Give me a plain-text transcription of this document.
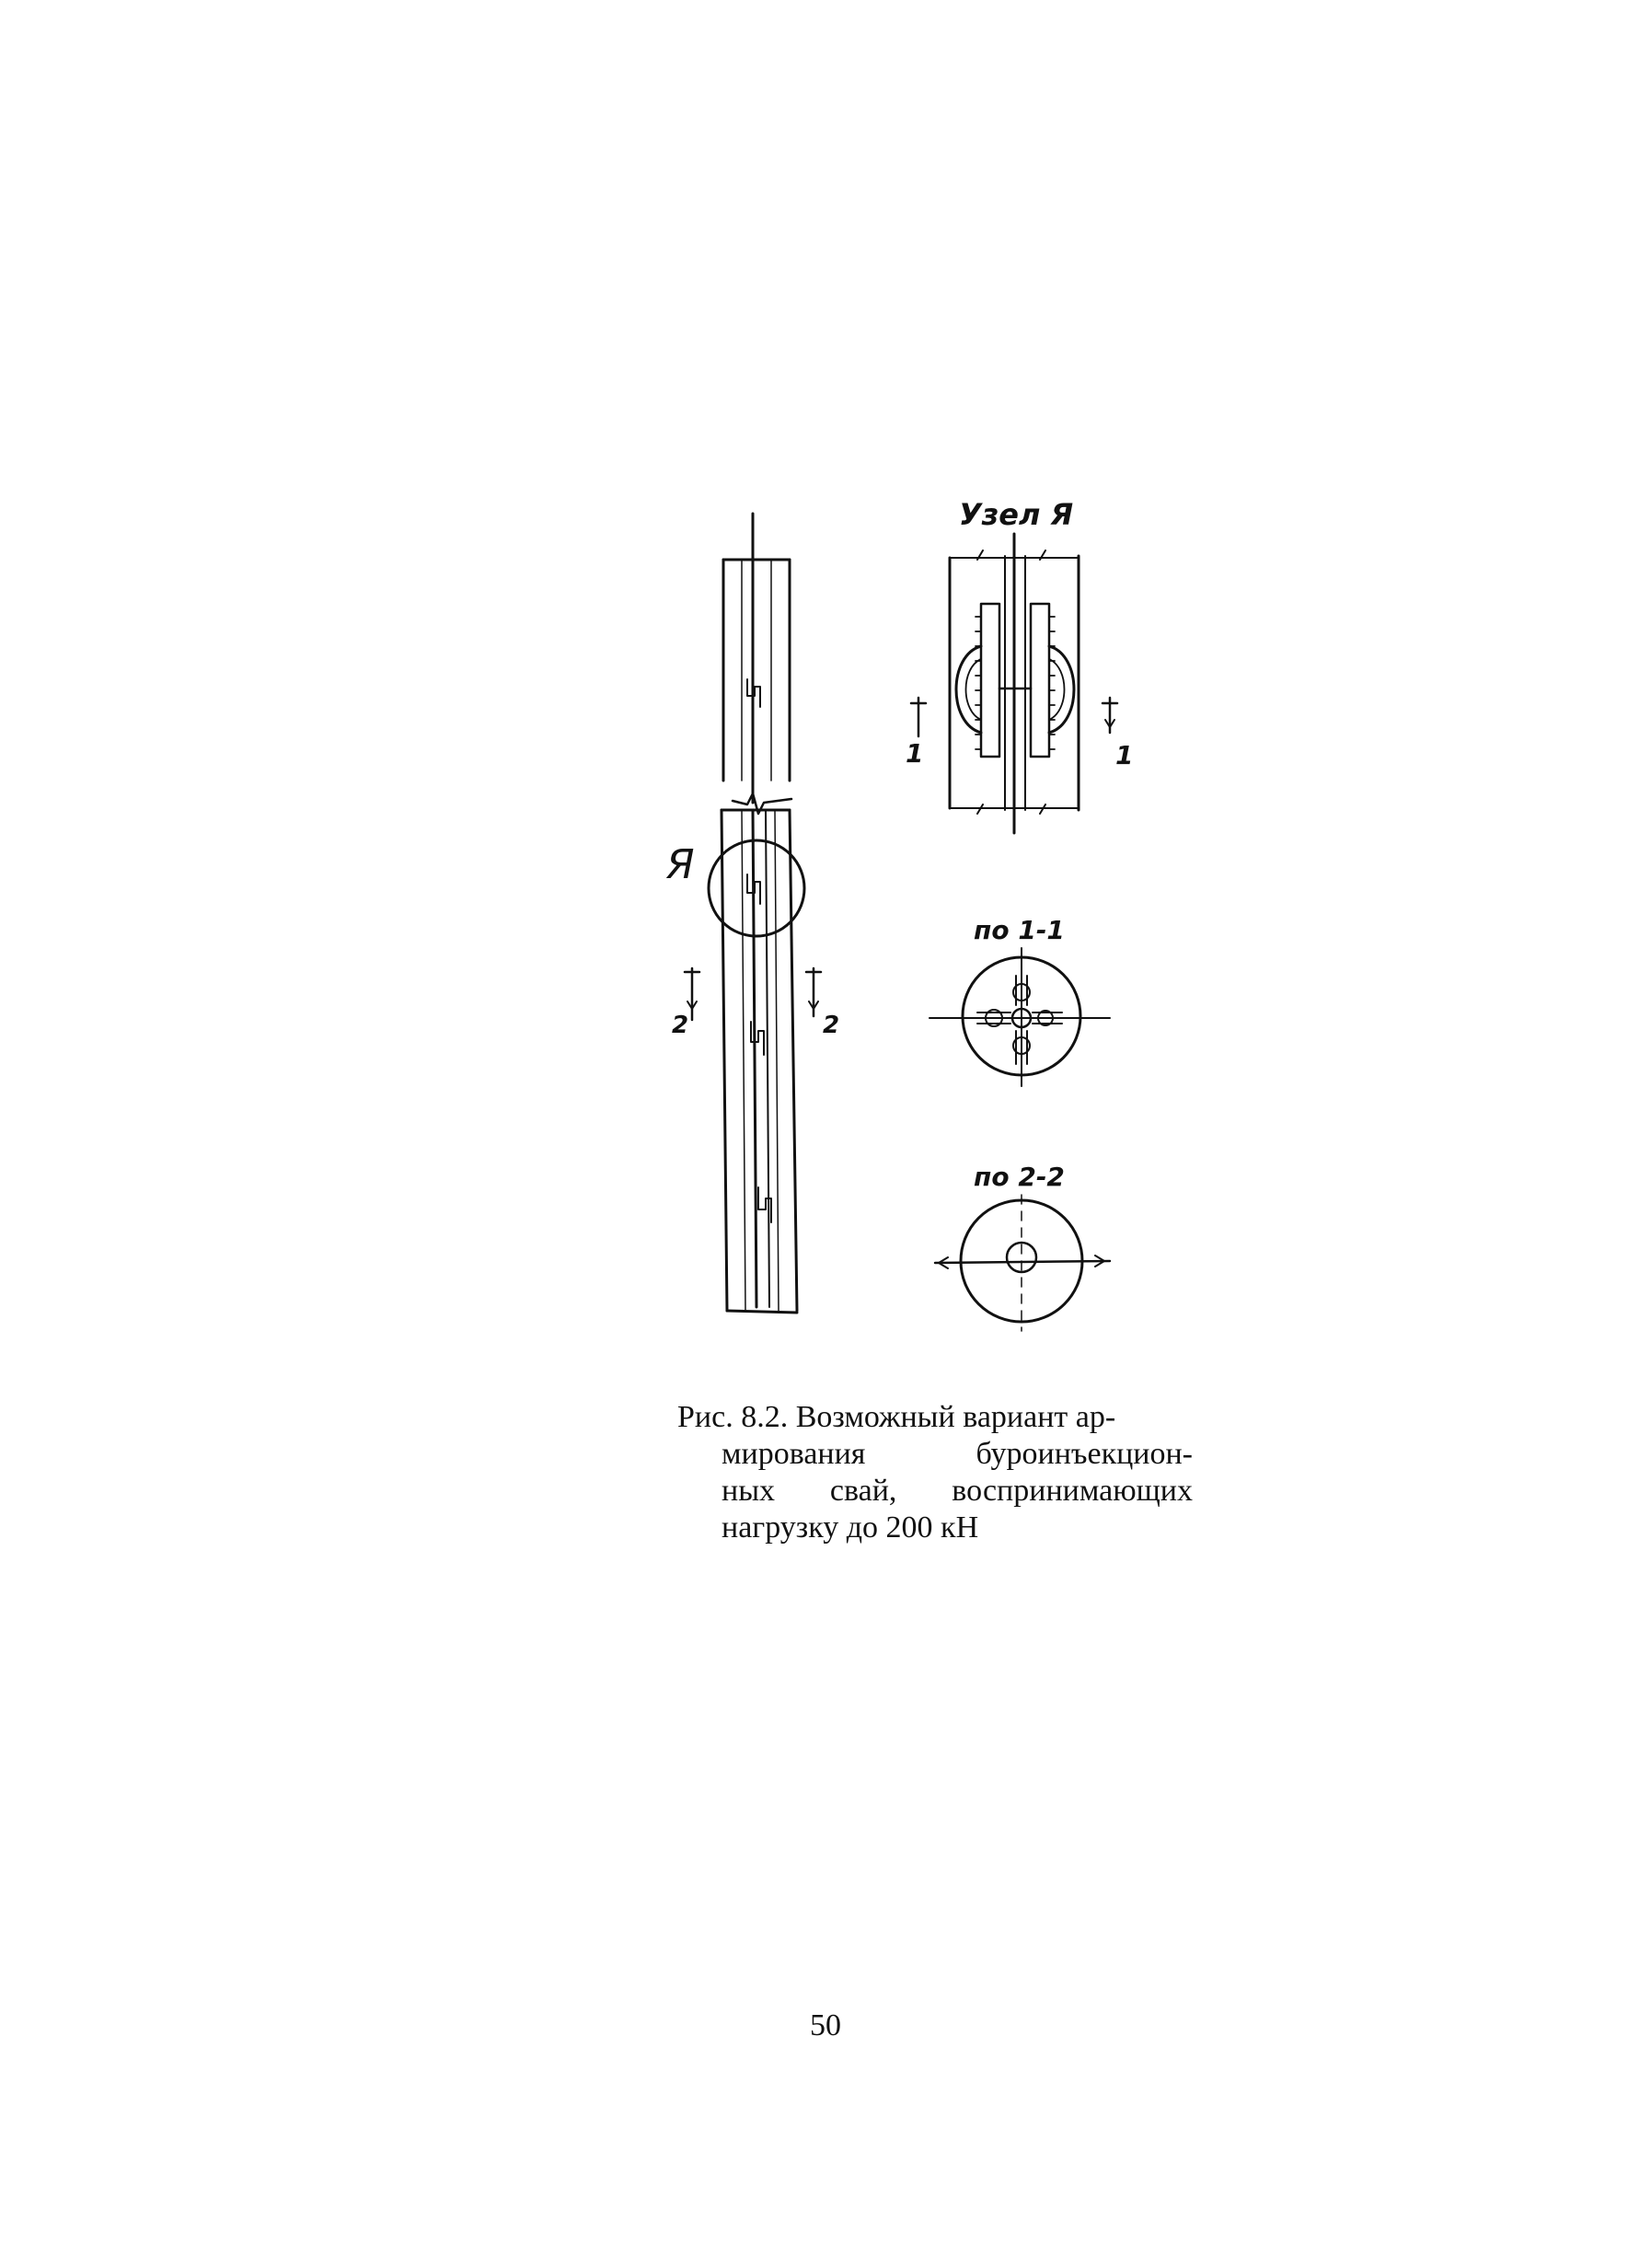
Узел Я
Я
по 1-1
по 2-2
1	1
2	2
Рис. 8.2. Возможный вариант ар-
мирования буроинъекцион-
ных свай, воспринимающих
нагрузку до 200 кН
50
